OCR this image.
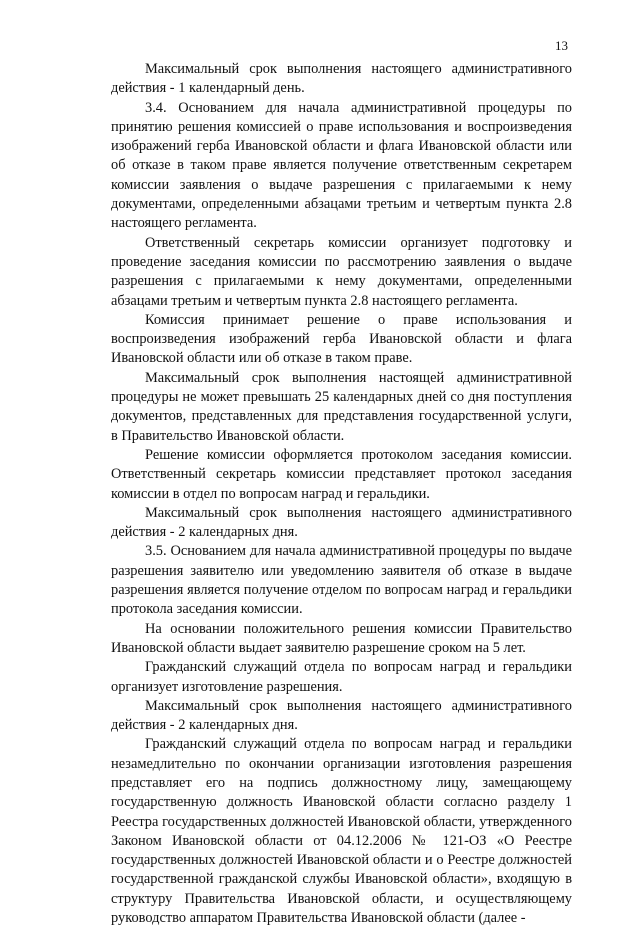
13

Максимальный срок выполнения настоящего административного действия - 1 календарный день.

3.4. Основанием для начала административной процедуры по принятию решения комиссией о праве использования и воспроизведения изображений герба Ивановской области и флага Ивановской области или об отказе в таком праве является получение ответственным секретарем комиссии заявления о выдаче разрешения с прилагаемыми к нему документами, определенными абзацами третьим и четвертым пункта 2.8 настоящего регламента.

Ответственный секретарь комиссии организует подготовку и проведение заседания комиссии по рассмотрению заявления о выдаче разрешения с прилагаемыми к нему документами, определенными абзацами третьим и четвертым пункта 2.8 настоящего регламента.

Комиссия принимает решение о праве использования и воспроизведения изображений герба Ивановской области и флага Ивановской области или об отказе в таком праве.

Максимальный срок выполнения настоящей административной процедуры не может превышать 25 календарных дней со дня поступления документов, представленных для представления государственной услуги, в Правительство Ивановской области.

Решение комиссии оформляется протоколом заседания комиссии. Ответственный секретарь комиссии представляет протокол заседания комиссии в отдел по вопросам наград и геральдики.

Максимальный срок выполнения настоящего административного действия - 2 календарных дня.

3.5. Основанием для начала административной процедуры по выдаче разрешения заявителю или уведомлению заявителя об отказе в выдаче разрешения является получение отделом по вопросам наград и геральдики протокола заседания комиссии.

На основании положительного решения комиссии Правительство Ивановской области выдает заявителю разрешение сроком на 5 лет.

Гражданский служащий отдела по вопросам наград и геральдики организует изготовление разрешения.

Максимальный срок выполнения настоящего административного действия - 2 календарных дня.

Гражданский служащий отдела по вопросам наград и геральдики незамедлительно по окончании организации изготовления разрешения представляет его на подпись должностному лицу, замещающему государственную должность Ивановской области согласно разделу 1 Реестра государственных должностей Ивановской области, утвержденного Законом Ивановской области от 04.12.2006 № 121-ОЗ «О Реестре государственных должностей Ивановской области и о Реестре должностей государственной гражданской службы Ивановской области», входящую в структуру Правительства Ивановской области, и осуществляющему руководство аппаратом Правительства Ивановской области (далее -
